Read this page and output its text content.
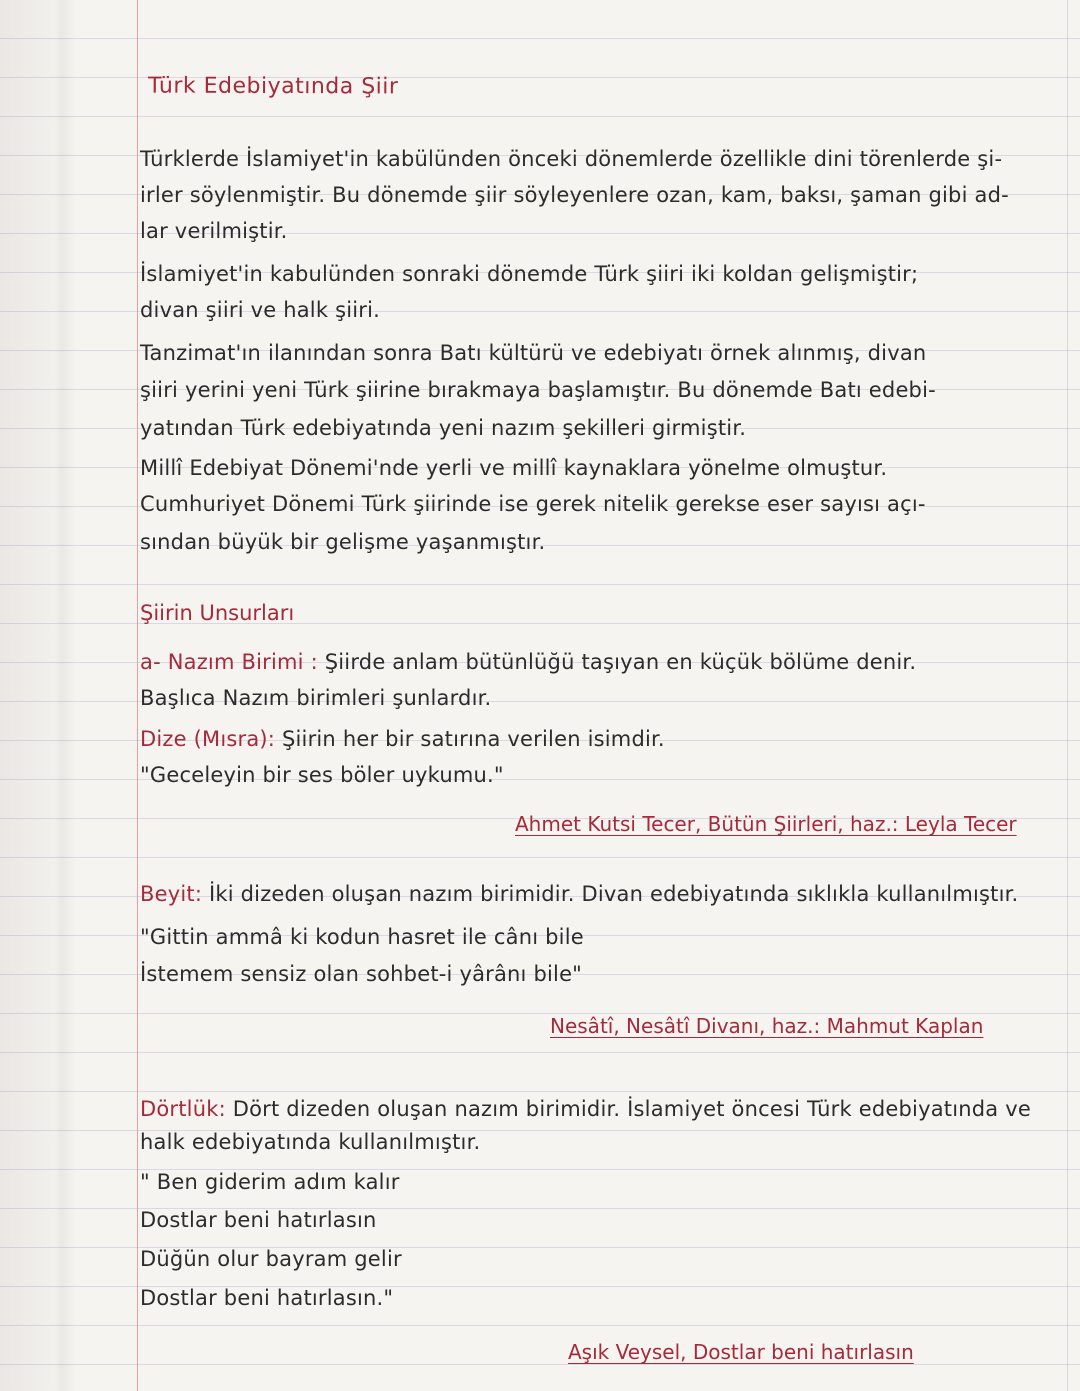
Türk Edebiyatında Şiir
Türklerde İslamiyet'in kabülünden önceki dönemlerde özellikle dini törenlerde şi-
irler söylenmiştir. Bu dönemde şiir söyleyenlere ozan, kam, baksı, şaman gibi ad-
lar verilmiştir.
İslamiyet'in kabulünden sonraki dönemde Türk şiiri iki koldan gelişmiştir;
divan şiiri ve halk şiiri.
Tanzimat'ın ilanından sonra Batı kültürü ve edebiyatı örnek alınmış, divan
şiiri yerini yeni Türk şiirine bırakmaya başlamıştır. Bu dönemde Batı edebi-
yatından Türk edebiyatında yeni nazım şekilleri girmiştir.
Millî Edebiyat Dönemi'nde yerli ve millî kaynaklara yönelme olmuştur.
Cumhuriyet Dönemi Türk şiirinde ise gerek nitelik gerekse eser sayısı açı-
sından büyük bir gelişme yaşanmıştır.
Şiirin Unsurları
a- Nazım Birimi : Şiirde anlam bütünlüğü taşıyan en küçük bölüme denir.
Başlıca Nazım birimleri şunlardır.
Dize (Mısra): Şiirin her bir satırına verilen isimdir.
"Geceleyin bir ses böler uykumu."
Ahmet Kutsi Tecer, Bütün Şiirleri, haz.: Leyla Tecer
Beyit: İki dizeden oluşan nazım birimidir. Divan edebiyatında sıklıkla kullanılmıştır.
"Gittin ammâ ki kodun hasret ile cânı bile
İstemem sensiz olan sohbet-i yârânı bile"
Nesâtî, Nesâtî Divanı, haz.: Mahmut Kaplan
Dörtlük: Dört dizeden oluşan nazım birimidir. İslamiyet öncesi Türk edebiyatında ve
halk edebiyatında kullanılmıştır.
" Ben giderim adım kalır
Dostlar beni hatırlasın
Düğün olur bayram gelir
Dostlar beni hatırlasın."
Aşık Veysel, Dostlar beni hatırlasın
